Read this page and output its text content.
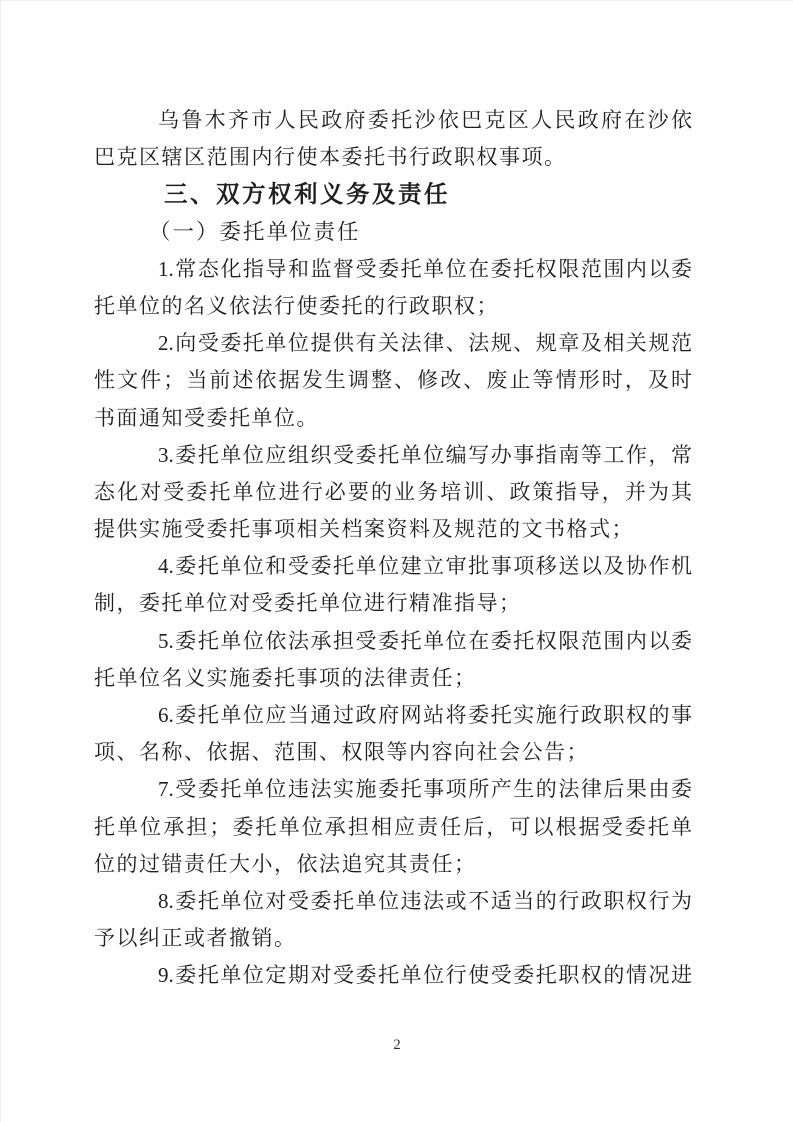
乌鲁木齐市人民政府委托沙依巴克区人民政府在沙依
巴克区辖区范围内行使本委托书行政职权事项。
三、双方权利义务及责任
（一）委托单位责任
1.常态化指导和监督受委托单位在委托权限范围内以委
托单位的名义依法行使委托的行政职权；
2.向受委托单位提供有关法律、法规、规章及相关规范
性文件；当前述依据发生调整、修改、废止等情形时，及时
书面通知受委托单位。
3.委托单位应组织受委托单位编写办事指南等工作，常
态化对受委托单位进行必要的业务培训、政策指导，并为其
提供实施受委托事项相关档案资料及规范的文书格式；
4.委托单位和受委托单位建立审批事项移送以及协作机
制，委托单位对受委托单位进行精准指导；
5.委托单位依法承担受委托单位在委托权限范围内以委
托单位名义实施委托事项的法律责任；
6.委托单位应当通过政府网站将委托实施行政职权的事
项、名称、依据、范围、权限等内容向社会公告；
7.受委托单位违法实施委托事项所产生的法律后果由委
托单位承担；委托单位承担相应责任后，可以根据受委托单
位的过错责任大小，依法追究其责任；
8.委托单位对受委托单位违法或不适当的行政职权行为
予以纠正或者撤销。
9.委托单位定期对受委托单位行使受委托职权的情况进
2
